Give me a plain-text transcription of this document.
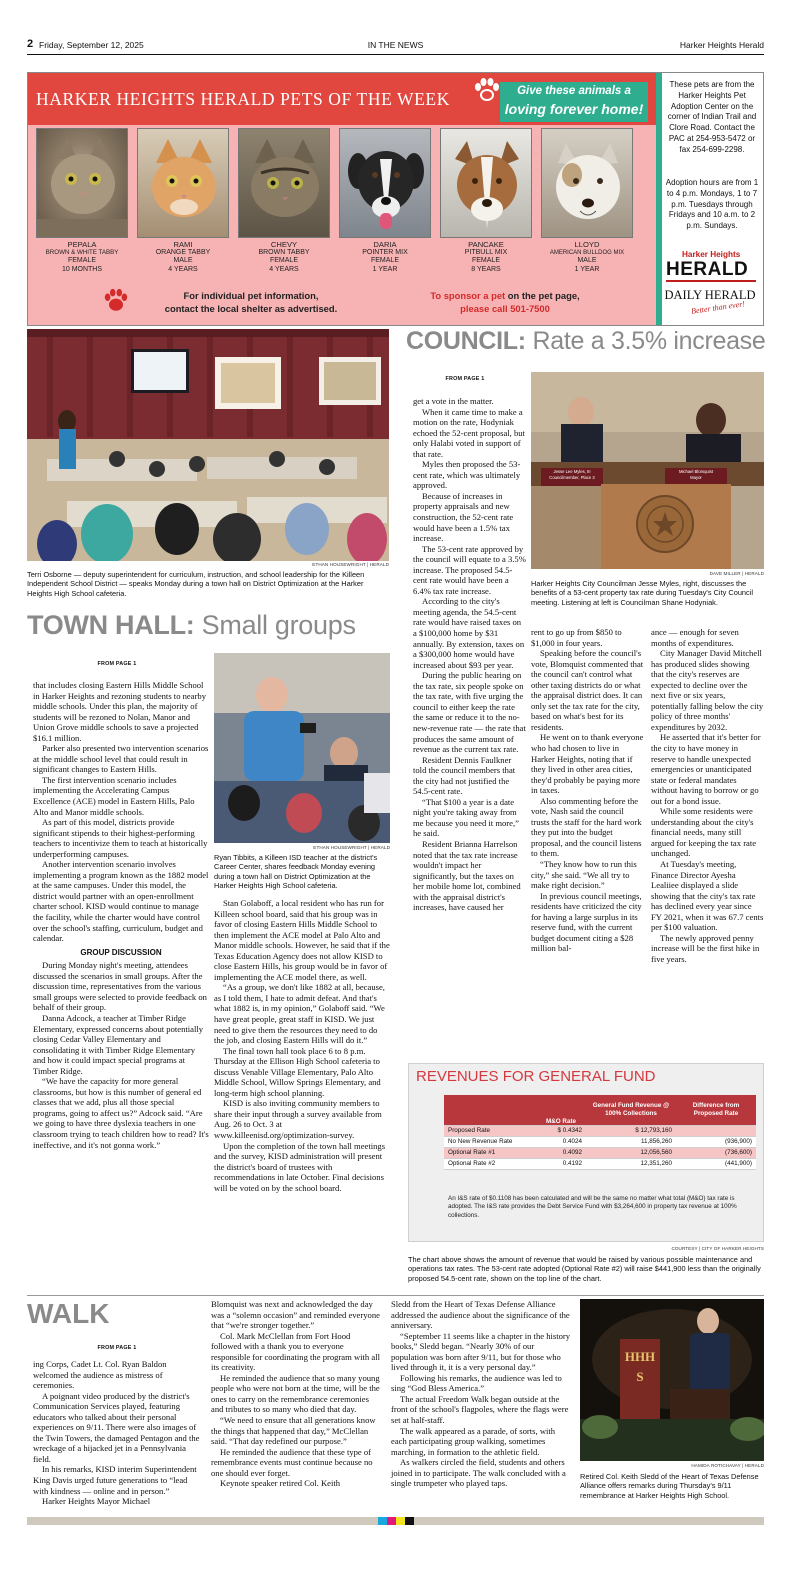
2 Friday, September 12, 2025	IN THE NEWS	Harker Heights Herald
HARKER HEIGHTS HERALD PETS OF THE WEEK	Give these animals a
loving forever home!
PEPALA
BROWN & WHITE TABBY
FEMALE
10 MONTHS
RAMI
ORANGE TABBY
MALE
4 YEARS
CHEVY
BROWN TABBY
FEMALE
4 YEARS
DARIA
POINTER MIX
FEMALE
1 YEAR
PANCAKE
PITBULL MIX
FEMALE
8 YEARS
LLOYD
AMERICAN BULLDOG MIX
MALE
1 YEAR
For individual pet information,
contact the local shelter as advertised.
To sponsor a pet on the pet page,
please call 501-7500
These pets are from the Harker Heights Pet Adoption Center on the corner of Indian Trail and Clore Road. Contact the PAC at 254-953-5472 or fax 254-699-2298.
Adoption hours are from 1 to 4 p.m. Mondays, 1 to 7 p.m. Tuesdays through Fridays and 10 a.m. to 2 p.m. Sundays.
Harker Heights
HERALD
DAILY HERALD
Better than ever!
ETHAN HOUSEWRIGHT | HERALD
Terri Osborne — deputy superintendent for curriculum, instruction, and school leadership for the Killeen Independent School District — speaks Monday during a town hall on District Optimization at the Harker Heights High School cafeteria.
COUNCIL: Rate a 3.5% increase
FROM PAGE 1

get a vote in the matter.

When it came time to make a motion on the rate, Hodyniak echoed the 52-cent proposal, but only Halabi voted in support of that rate.

Myles then proposed the 53-cent rate, which was ultimately approved.

Because of increases in property appraisals and new construction, the 52-cent rate would have been a 1.5% tax increase.

The 53-cent rate approved by the council will equate to a 3.5% increase. The proposed 54.5-cent rate would have been a 6.4% tax rate increase.

According to the city's meeting agenda, the 54.5-cent rate would have raised taxes on a $100,000 home by $31 annually. By extension, taxes on a $300,000 home would have increased about $93 per year.

During the public hearing on the tax rate, six people spoke on the tax rate, with five urging the council to either keep the rate the same or reduce it to the no-new-revenue rate — the rate that produces the same amount of revenue as the current tax rate.

Resident Dennis Faulkner told the council members that the city had not justified the 54.5-cent rate.

“That $100 a year is a date night you're taking away from me because you need it more,” he said.

Resident Brianna Harrelson noted that the tax rate increase wouldn't impact her significantly, but the taxes on her mobile home lot, combined with the appraisal district's increases, have caused her

Jesse Lee Myles, III
Councilmember, Place 3
Michael Blomquist
Mayor
DAVE MILLER | HERALD
Harker Heights City Councilman Jesse Myles, right, discusses the benefits of a 53-cent property tax rate during Tuesday's City Council meeting. Listening at left is Councilman Shane Hodyniak.

rent to go up from $850 to $1,000 in four years.

Speaking before the council's vote, Blomquist commented that the council can't control what other taxing districts do or what the appraisal district does. It can only set the tax rate for the city, based on what's best for its residents.

He went on to thank everyone who had chosen to live in Harker Heights, noting that if they lived in other area cities, they'd probably be paying more in taxes.

Also commenting before the vote, Nash said the council trusts the staff for the hard work they put into the budget proposal, and the council listens to them.

“They know how to run this city,” she said. “We all try to make right decision.”

In previous council meetings, residents have criticized the city for having a large surplus in its reserve fund, with the current budget document citing a $28 million bal-

ance — enough for seven months of expenditures.

City Manager David Mitchell has produced slides showing that the city's reserves are expected to decline over the next five or six years, potentially falling below the city policy of three months' expenditures by 2032.

He asserted that it's better for the city to have money in reserve to handle unexpected emergencies or unanticipated state or federal mandates without having to borrow or go out for a bond issue.

While some residents were understanding about the city's financial needs, many still argued for keeping the tax rate unchanged.

At Tuesday's meeting, Finance Director Ayesha Lealiiee displayed a slide showing that the city's tax rate has declined every year since FY 2021, when it was 67.7 cents per $100 valuation.

The newly approved penny increase will be the first hike in five years.

REVENUES FOR GENERAL FUND
	M&O Rate	General Fund Revenue @ 100% Collections	Difference from Proposed Rate
Proposed Rate	$ 0.4342	$ 12,793,160	
No New Revenue Rate	0.4024	11,856,260	(936,900)
Optional Rate #1	0.4092	12,056,560	(736,600)
Optional Rate #2	0.4192	12,351,260	(441,900)
An I&S rate of $0.1108 has been calculated and will be the same no matter what total (M&O) tax rate is adopted. The I&S rate provides the Debt Service Fund with $3,264,600 in property tax revenue at 100% collections.
COURTESY | CITY OF HARKER HEIGHTS
The chart above shows the amount of revenue that would be raised by various possible maintenance and operations tax rates. The 53-cent rate adopted (Optional Rate #2) will raise $441,900 less than the originally proposed 54.5-cent rate, shown on the top line of the chart.
TOWN HALL: Small groups
FROM PAGE 1

that includes closing Eastern Hills Middle School in Harker Heights and rezoning students to nearby middle schools. Under this plan, the majority of students will be rezoned to Nolan, Manor and Union Grove middle schools to save a projected $16.1 million.

Parker also presented two intervention scenarios at the middle school level that could result in significant changes to Eastern Hills.

The first intervention scenario includes implementing the Accelerating Campus Excellence (ACE) model in Eastern Hills, Palo Alto and Manor middle schools.

As part of this model, districts provide significant stipends to their highest-performing teachers to incentivize them to teach at historically underperforming campuses.

Another intervention scenario involves implementing a program known as the 1882 model at the same campuses. Under this model, the district would partner with an open-enrollment charter school. KISD would continue to manage the facility, while the charter would have control over the school's staffing, curriculum, budget and calendar.

GROUP DISCUSSION

During Monday night's meeting, attendees discussed the scenarios in small groups. After the discussion time, representatives from the various small groups were selected to provide feedback on behalf of their group.

Danna Adcock, a teacher at Timber Ridge Elementary, expressed concerns about potentially closing Cedar Valley Elementary and consolidating it with Timber Ridge Elementary and how it could impact special programs at Timber Ridge.

“We have the capacity for more general classrooms, but how is this number of general ed classes that we add, plus all those special programs, going to affect us?” Adcock said. “Are we going to have three dyslexia teachers in one classroom trying to teach children how to read? It's ineffective, and it's not gonna work.”

ETHAN HOUSEWRIGHT | HERALD
Ryan Tibbits, a Killeen ISD teacher at the district's Career Center, shares feedback Monday evening during a town hall on District Optimization at the Harker Heights High School cafeteria.

Stan Golaboff, a local resident who has run for Killeen school board, said that his group was in favor of closing Eastern Hills Middle School to then implement the ACE model at Palo Alto and Manor middle schools. However, he said that if the Texas Education Agency does not allow KISD to close Eastern Hills, his group would be in favor of implementing the ACE model there, as well.

“As a group, we don't like 1882 at all, because, as I told them, I hate to admit defeat. And that's what 1882 is, in my opinion,” Golaboff said. “We have great people, great staff in KISD. We just need to give them the resources they need to do the job, and closing Eastern Hills will do it.”

The final town hall took place 6 to 8 p.m. Thursday at the Ellison High School cafeteria to discuss Venable Village Elementary, Palo Alto Middle School, Willow Springs Elementary, and long-term high school planning.

KISD is also inviting community members to share their input through a survey available from Aug. 26 to Oct. 3 at www.killeenisd.org/optimization-survey.

Upon the completion of the town hall meetings and the survey, KISD administration will present the district's board of trustees with recommendations in late October. Final decisions will be voted on by the school board.

WALK
FROM PAGE 1

ing Corps, Cadet Lt. Col. Ryan Baldon welcomed the audience as mistress of ceremonies.

A poignant video produced by the district's Communication Services played, featuring educators who talked about their personal experiences on 9/11. There were also images of the Twin Towers, the damaged Pentagon and the wreckage of a hijacked jet in a Pennsylvania field.

In his remarks, KISD interim Superintendent King Davis urged future generations to “lead with kindness — online and in person.”

Harker Heights Mayor Michael

Blomquist was next and acknowledged the day was a “solemn occasion” and reminded everyone that “we're stronger together.”

Col. Mark McClellan from Fort Hood followed with a thank you to everyone responsible for coordinating the program with all its creativity.

He reminded the audience that so many young people who were not born at the time, will be the ones to carry on the remembrance ceremonies and tributes to so many who died that day.

“We need to ensure that all generations know the things that happened that day,” McClellan said. “That day redefined our purpose.”

He reminded the audience that these type of remembrance events must continue because no one should ever forget.

Keynote speaker retired Col. Keith

Sledd from the Heart of Texas Defense Alliance addressed the audience about the significance of the anniversary.

“September 11 seems like a chapter in the history books,” Sledd began. “Nearly 30% of our population was born after 9/11, but for those who lived through it, it is a very personal day.”

Following his remarks, the audience was led to sing “God Bless America.”

The actual Freedom Walk began outside at the front of the school's flagpoles, where the flags were set at half-staff.

The walk appeared as a parade, of sorts, with each participating group walking, sometimes marching, in formation to the athletic field.

As walkers circled the field, students and others joined in to participate. The walk concluded with a single trumpeter who played taps.

HHHS
HAMIDA ROTICHAVAY | HERALD
Retired Col. Keith Sledd of the Heart of Texas Defense Alliance offers remarks during Thursday's 9/11 remembrance at Harker Heights High School.
